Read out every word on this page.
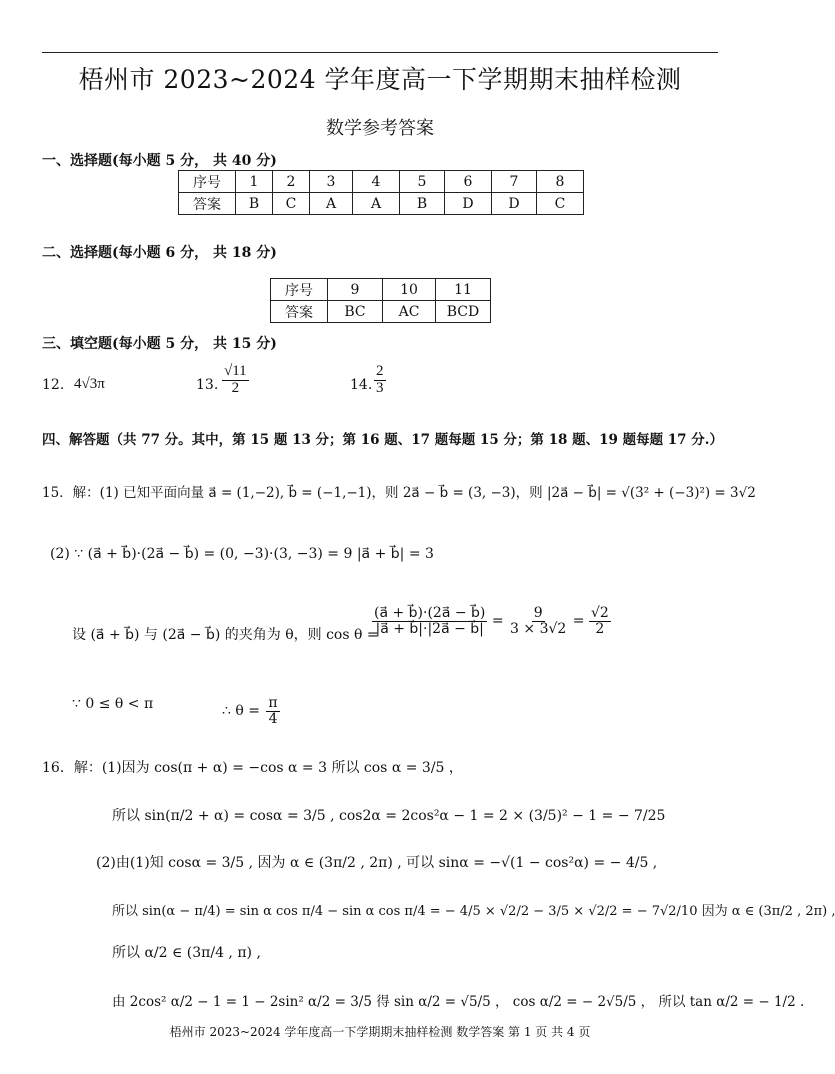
梧州市 2023~2024 学年度高一下学期期末抽样检测
数学参考答案
一、选择题(每小题 5 分， 共 40 分)
序号	1	2	3	4	5	6	7	8
答案	B	C	A	A	B	D	D	C
二、选择题(每小题 6 分， 共 18 分)
序号	9	10	11
答案	BC	AC	BCD
三、填空题(每小题 5 分， 共 15 分)
12. 4√3π	13. $\frac{√11}{2}$	14. $\frac{2}{3}$
四、解答题（共 77 分。其中，第 15 题 13 分；第 16 题、17 题每题 15 分；第 18 题、19 题每题 17 分.）
15．解：(1) 已知平面向量 a⃗ = (1,−2), b⃗ = (−1,−1)，则 2a⃗ − b⃗ = (3, −3)，则 |2a⃗ − b⃗| = √(3² + (−3)²) = 3√2
(2) ∵ (a⃗ + b⃗)·(2a⃗ − b⃗) = (0, −3)·(3, −3) = 9 |a⃗ + b⃗| = 3
设 (a⃗ + b⃗) 与 (2a⃗ − b⃗) 的夹角为 θ，则 cos θ =
$\frac{(a⃗ + b⃗)\cdot(2a⃗ - b⃗)}{|a⃗ + b⃗|\cdot|2a⃗ - b⃗|} = \frac{9}{3 \times 3√2} = \frac{√2}{2}$
∵ 0 ≤ θ < π	∴ $\theta = \frac{\pi}{4}$
16．解：(1)因为 cos(π + α) = −cos α = 3 所以 cos α = 3/5 ，
所以 sin(π/2 + α) = cosα = 3/5 , cos2α = 2cos²α − 1 = 2 × (3/5)² − 1 = − 7/25
(2)由(1)知 cosα = 3/5 , 因为 α ∈ (3π/2 , 2π) , 可以 sinα = −√(1 − cos²α) = − 4/5 ,
所以 sin(α − π/4) = sin α cos π/4 − sin α cos π/4 = − 4/5 × √2/2 − 3/5 × √2/2 = − 7√2/10 因为 α ∈ (3π/2 , 2π) ,
所以 α/2 ∈ (3π/4 , π) ,
由 2cos² α/2 − 1 = 1 − 2sin² α/2 = 3/5 得 sin α/2 = √5/5 ， cos α/2 = − 2√5/5 ， 所以 tan α/2 = − 1/2 .
梧州市 2023~2024 学年度高一下学期期末抽样检测 数学答案 第 1 页 共 4 页
